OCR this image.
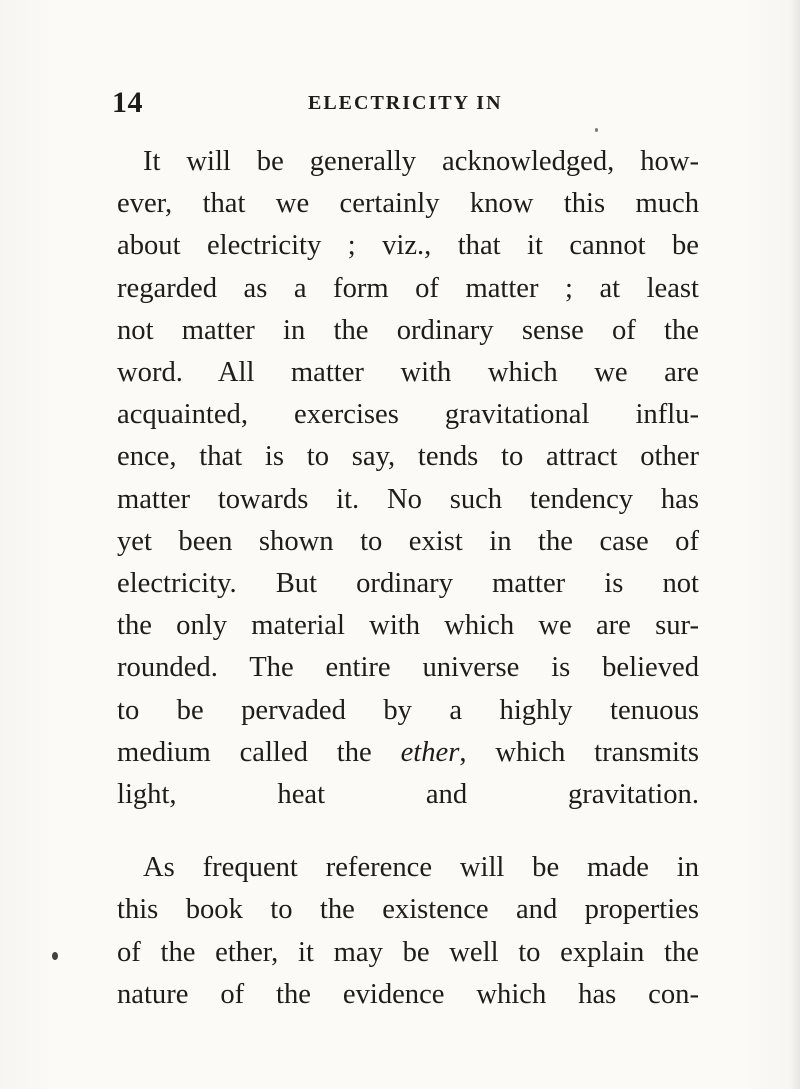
14	ELECTRICITY IN

It will be generally acknowledged, how-
ever, that we certainly know this much
about electricity ; viz., that it cannot be
regarded as a form of matter ; at least
not matter in the ordinary sense of the
word. All matter with which we are
acquainted, exercises gravitational influ-
ence, that is to say, tends to attract other
matter towards it. No such tendency has
yet been shown to exist in the case of
electricity. But ordinary matter is not
the only material with which we are sur-
rounded. The entire universe is believed
to be pervaded by a highly tenuous
medium called the ether, which transmits
light, heat and gravitation.

As frequent reference will be made in
this book to the existence and properties
of the ether, it may be well to explain the
nature of the evidence which has con-
